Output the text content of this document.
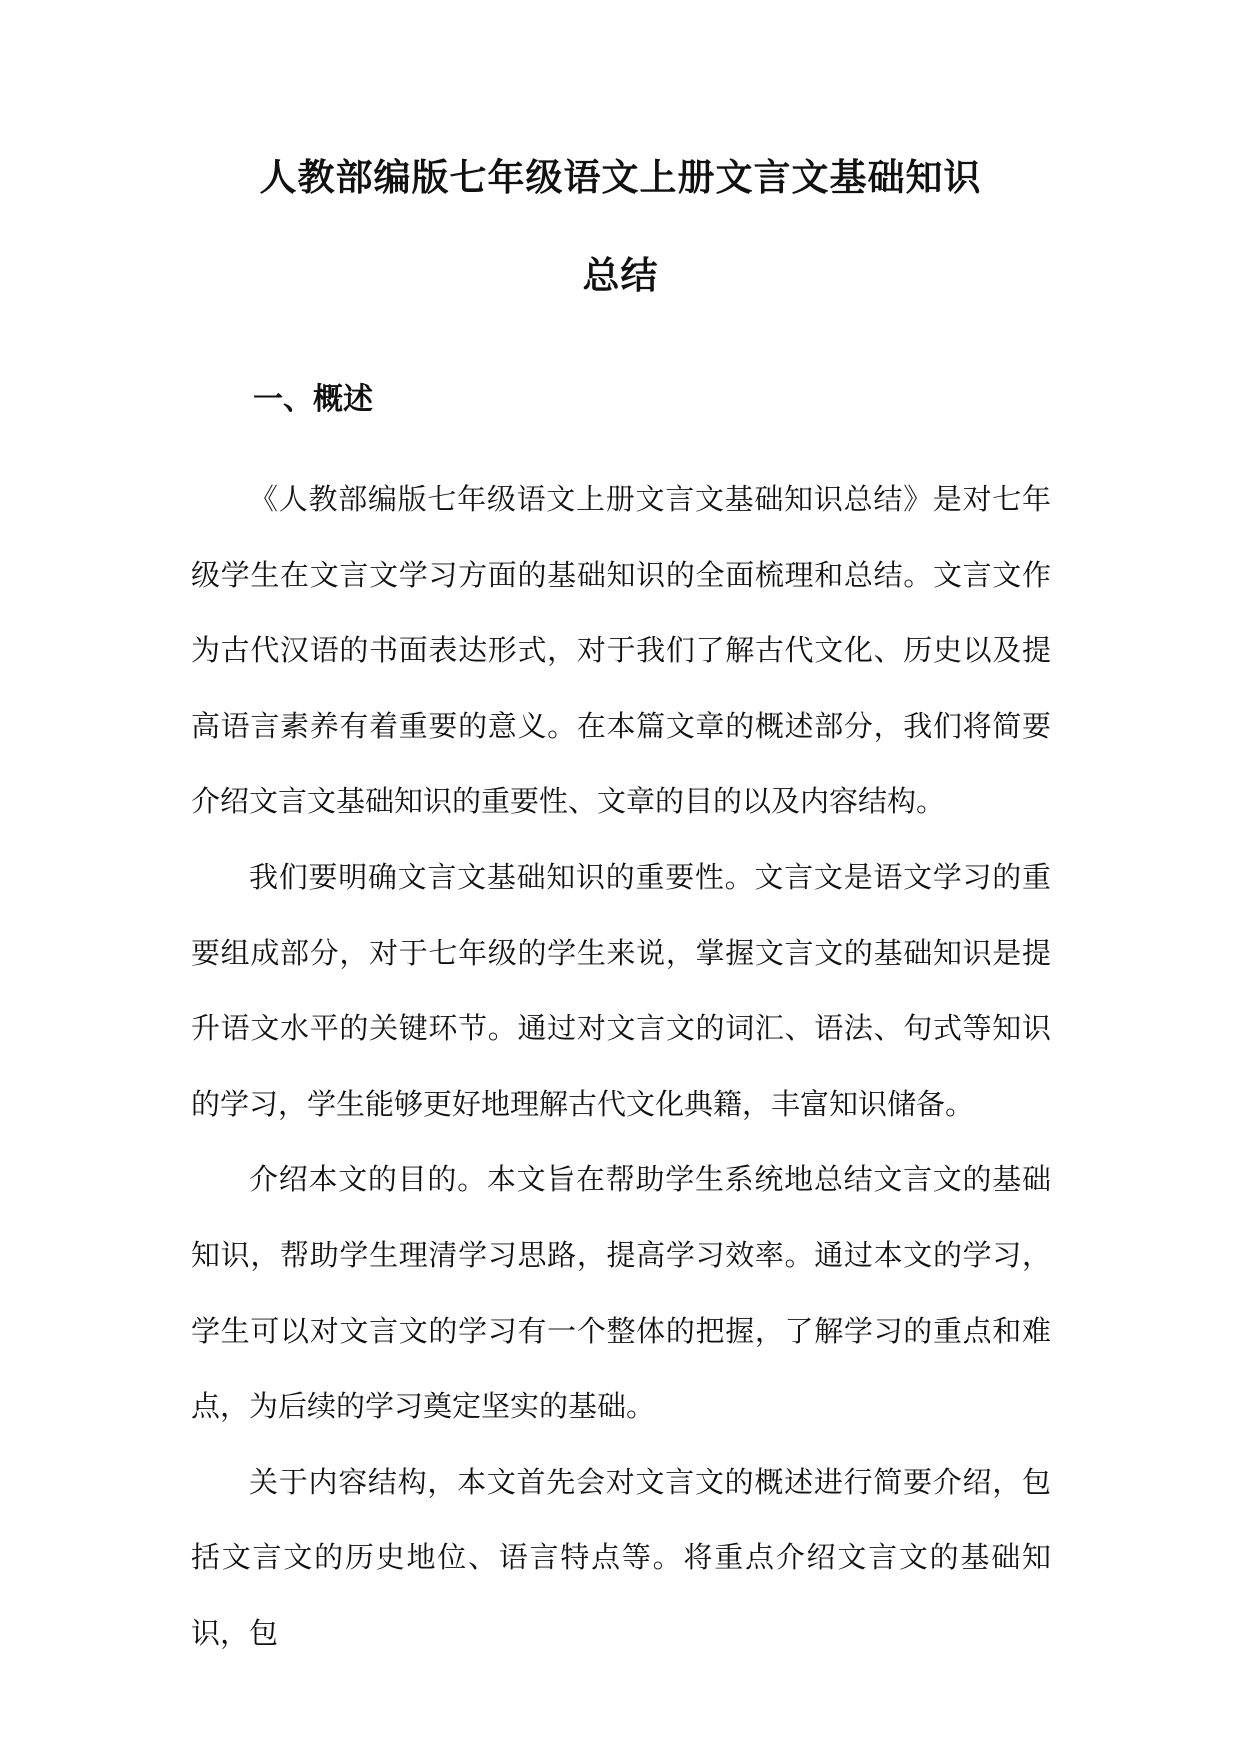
人教部编版七年级语文上册文言文基础知识
总结
一、概述

《人教部编版七年级语文上册文言文基础知识总结》是对七年级学生在文言文学习方面的基础知识的全面梳理和总结。文言文作为古代汉语的书面表达形式，对于我们了解古代文化、历史以及提高语言素养有着重要的意义。在本篇文章的概述部分，我们将简要介绍文言文基础知识的重要性、文章的目的以及内容结构。

我们要明确文言文基础知识的重要性。文言文是语文学习的重要组成部分，对于七年级的学生来说，掌握文言文的基础知识是提升语文水平的关键环节。通过对文言文的词汇、语法、句式等知识的学习，学生能够更好地理解古代文化典籍，丰富知识储备。

介绍本文的目的。本文旨在帮助学生系统地总结文言文的基础知识，帮助学生理清学习思路，提高学习效率。通过本文的学习，学生可以对文言文的学习有一个整体的把握，了解学习的重点和难点，为后续的学习奠定坚实的基础。

关于内容结构，本文首先会对文言文的概述进行简要介绍，包括文言文的历史地位、语言特点等。将重点介绍文言文的基础知识，包
